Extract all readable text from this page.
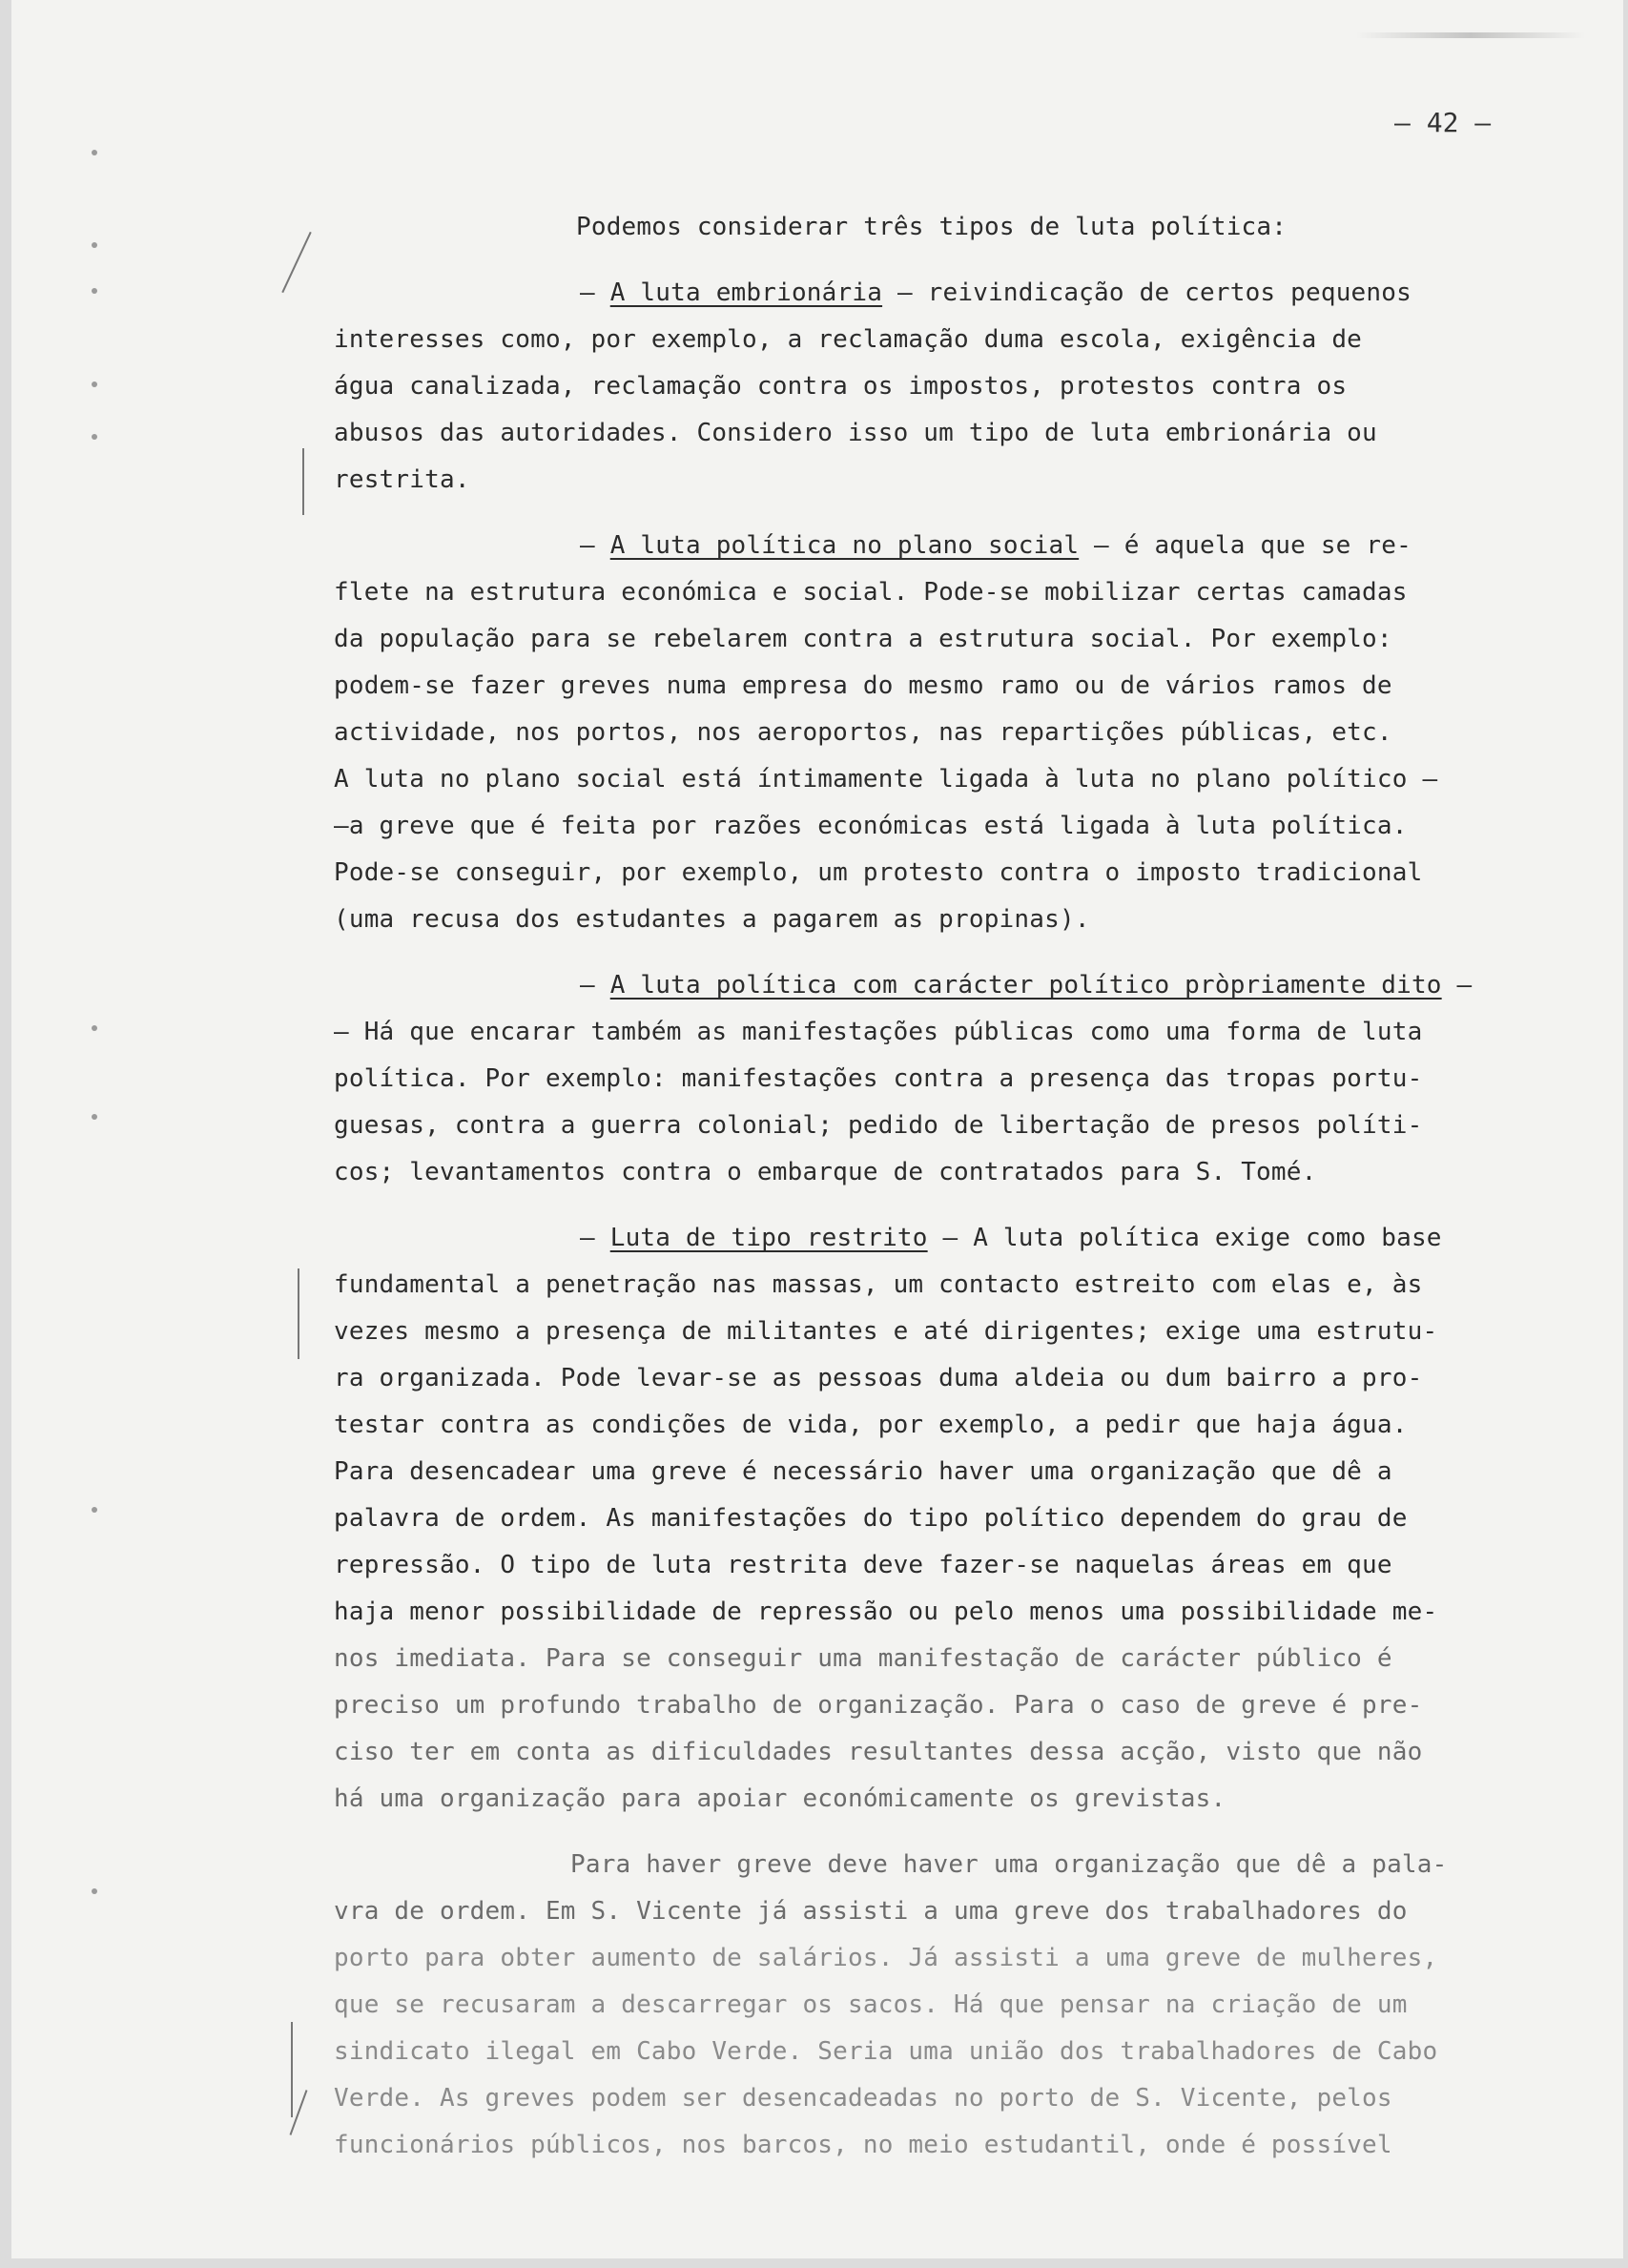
– 42 –
Podemos considerar três tipos de luta política:
– A luta embrionária – reivindicação de certos pequenos
interesses como, por exemplo, a reclamação duma escola, exigência de
água canalizada, reclamação contra os impostos, protestos contra os
abusos das autoridades. Considero isso um tipo de luta embrionária ou
restrita.
– A luta política no plano social – é aquela que se re-
flete na estrutura económica e social. Pode-se mobilizar certas camadas
da população para se rebelarem contra a estrutura social. Por exemplo:
podem-se fazer greves numa empresa do mesmo ramo ou de vários ramos de
actividade, nos portos, nos aeroportos, nas repartições públicas, etc.
A luta no plano social está íntimamente ligada à luta no plano político –
–a greve que é feita por razões económicas está ligada à luta política.
Pode-se conseguir, por exemplo, um protesto contra o imposto tradicional
(uma recusa dos estudantes a pagarem as propinas).
– A luta política com carácter político pròpriamente dito –
– Há que encarar também as manifestações públicas como uma forma de luta
política. Por exemplo: manifestações contra a presença das tropas portu-
guesas, contra a guerra colonial; pedido de libertação de presos políti-
cos; levantamentos contra o embarque de contratados para S. Tomé.
– Luta de tipo restrito – A luta política exige como base
fundamental a penetração nas massas, um contacto estreito com elas e, às
vezes mesmo a presença de militantes e até dirigentes; exige uma estrutu-
ra organizada. Pode levar-se as pessoas duma aldeia ou dum bairro a pro-
testar contra as condições de vida, por exemplo, a pedir que haja água.
Para desencadear uma greve é necessário haver uma organização que dê a
palavra de ordem. As manifestações do tipo político dependem do grau de
repressão. O tipo de luta restrita deve fazer-se naquelas áreas em que
haja menor possibilidade de repressão ou pelo menos uma possibilidade me-
nos imediata. Para se conseguir uma manifestação de carácter público é
preciso um profundo trabalho de organização. Para o caso de greve é pre-
ciso ter em conta as dificuldades resultantes dessa acção, visto que não
há uma organização para apoiar económicamente os grevistas.
Para haver greve deve haver uma organização que dê a pala-
vra de ordem. Em S. Vicente já assisti a uma greve dos trabalhadores do
porto para obter aumento de salários. Já assisti a uma greve de mulheres,
que se recusaram a descarregar os sacos. Há que pensar na criação de um
sindicato ilegal em Cabo Verde. Seria uma união dos trabalhadores de Cabo
Verde. As greves podem ser desencadeadas no porto de S. Vicente, pelos
funcionários públicos, nos barcos, no meio estudantil, onde é possível
